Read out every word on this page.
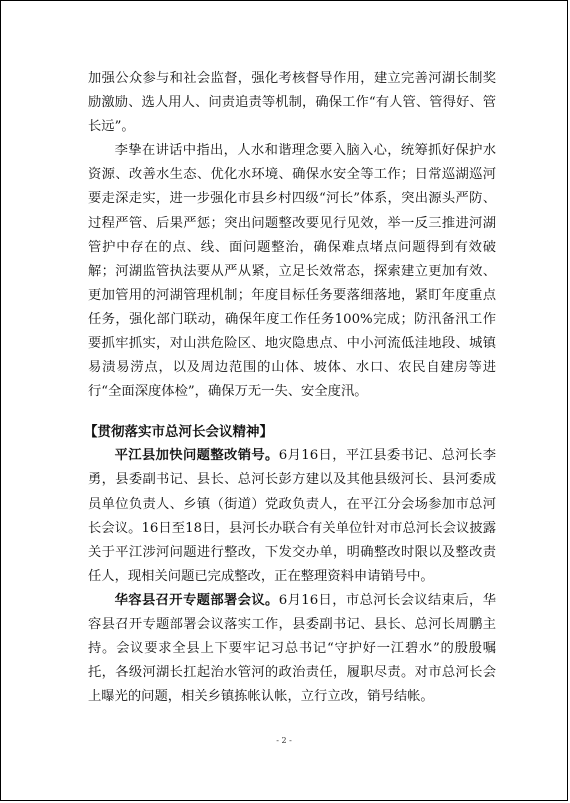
加强公众参与和社会监督，强化考核督导作用，建立完善河湖长制奖励激励、选人用人、问责追责等机制，确保工作“有人管、管得好、管长远”。

李挚在讲话中指出，人水和谐理念要入脑入心，统筹抓好保护水资源、改善水生态、优化水环境、确保水安全等工作；日常巡湖巡河要走深走实，进一步强化市县乡村四级“河长”体系，突出源头严防、过程严管、后果严惩；突出问题整改要见行见效，举一反三推进河湖管护中存在的点、线、面问题整治，确保难点堵点问题得到有效破解；河湖监管执法要从严从紧，立足长效常态，探索建立更加有效、更加管用的河湖管理机制；年度目标任务要落细落地，紧盯年度重点任务，强化部门联动，确保年度工作任务100%完成；防汛备汛工作要抓牢抓实，对山洪危险区、地灾隐患点、中小河流低洼地段、城镇易渍易涝点，以及周边范围的山体、坡体、水口、农民自建房等进行“全面深度体检”，确保万无一失、安全度汛。

【贯彻落实市总河长会议精神】

平江县加快问题整改销号。6月16日，平江县委书记、总河长李勇，县委副书记、县长、总河长彭方建以及其他县级河长、县河委成员单位负责人、乡镇（街道）党政负责人，在平江分会场参加市总河长会议。16日至18日，县河长办联合有关单位针对市总河长会议披露关于平江涉河问题进行整改，下发交办单，明确整改时限以及整改责任人，现相关问题已完成整改，正在整理资料申请销号中。

华容县召开专题部署会议。6月16日，市总河长会议结束后，华容县召开专题部署会议落实工作，县委副书记、县长、总河长周鹏主持。会议要求全县上下要牢记习总书记“守护好一江碧水”的殷殷嘱托，各级河湖长扛起治水管河的政治责任，履职尽责。对市总河长会上曝光的问题，相关乡镇拣帐认帐，立行立改，销号结帐。

- 2 -
